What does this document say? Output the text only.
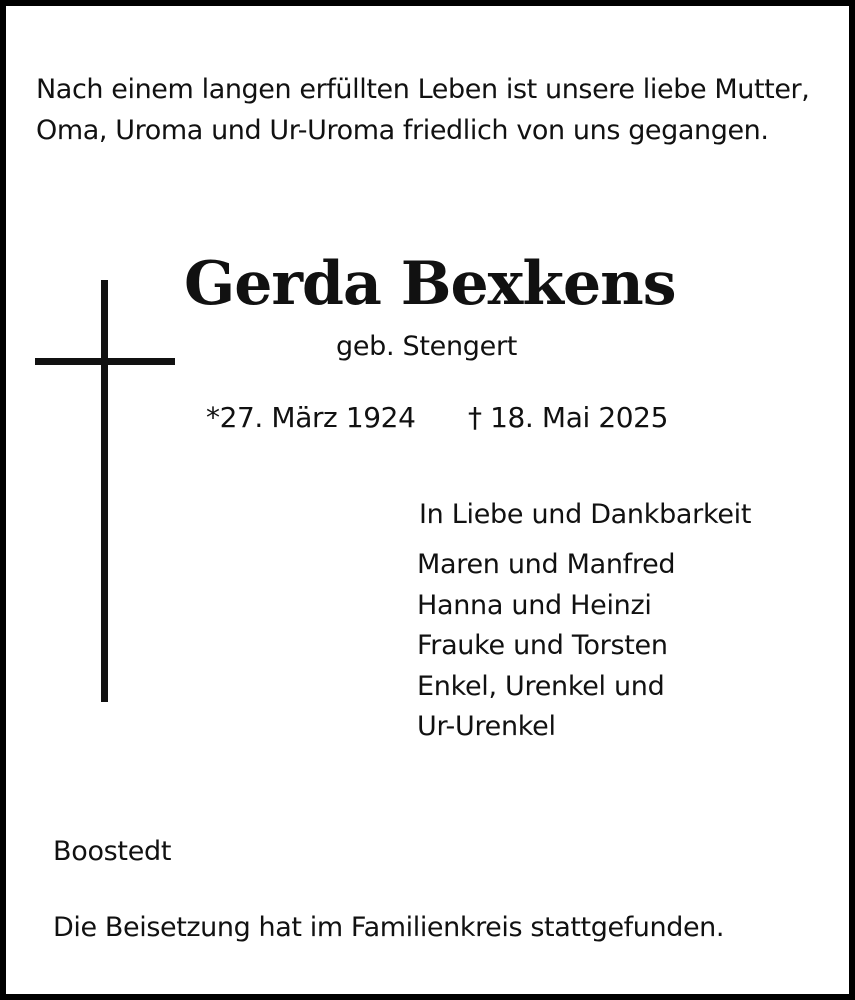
Nach einem langen erfüllten Leben ist unsere liebe Mutter,
Oma, Uroma und Ur-Uroma friedlich von uns gegangen.

Gerda Bexkens
geb. Stengert
*27. März 1924 † 18. Mai 2025
In Liebe und Dankbarkeit
Maren und Manfred
Hanna und Heinzi
Frauke und Torsten
Enkel, Urenkel und
Ur-Urenkel
Boostedt
Die Beisetzung hat im Familienkreis stattgefunden.
